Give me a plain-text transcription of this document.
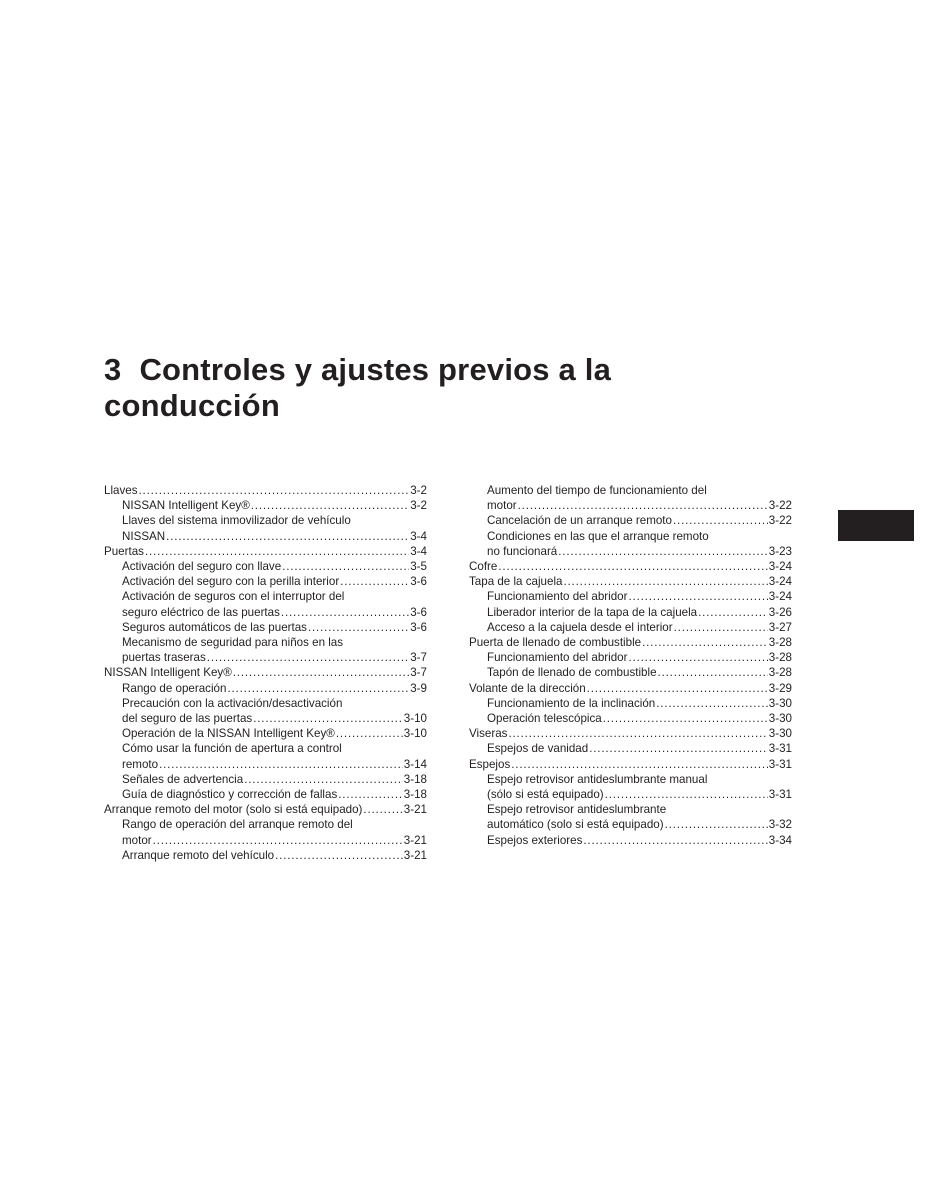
3 Controles y ajustes previos a la conducción
Llaves . . .	3-2
NISSAN Intelligent Key® . . .	3-2
Llaves del sistema inmovilizador de vehículo
NISSAN . . .	3-4
Puertas . . .	3-4
Activación del seguro con llave . . .	3-5
Activación del seguro con la perilla interior . . .	3-6
Activación de seguros con el interruptor del
seguro eléctrico de las puertas . . .	3-6
Seguros automáticos de las puertas . . .	3-6
Mecanismo de seguridad para niños en las
puertas traseras . . .	3-7
NISSAN Intelligent Key® . . .	3-7
Rango de operación . . .	3-9
Precaución con la activación/desactivación
del seguro de las puertas . . .	3-10
Operación de la NISSAN Intelligent Key® . . .	3-10
Cómo usar la función de apertura a control
remoto . . .	3-14
Señales de advertencia . . .	3-18
Guía de diagnóstico y corrección de fallas . . .	3-18
Arranque remoto del motor (solo si está equipado) . . .	3-21
Rango de operación del arranque remoto del
motor . . .	3-21
Arranque remoto del vehículo . . .	3-21
Aumento del tiempo de funcionamiento del
motor . . .	3-22
Cancelación de un arranque remoto . . .	3-22
Condiciones en las que el arranque remoto
no funcionará . . .	3-23
Cofre . . .	3-24
Tapa de la cajuela . . .	3-24
Funcionamiento del abridor . . .	3-24
Liberador interior de la tapa de la cajuela . . .	3-26
Acceso a la cajuela desde el interior . . .	3-27
Puerta de llenado de combustible . . .	3-28
Funcionamiento del abridor . . .	3-28
Tapón de llenado de combustible . . .	3-28
Volante de la dirección . . .	3-29
Funcionamiento de la inclinación . . .	3-30
Operación telescópica . . .	3-30
Viseras . . .	3-30
Espejos de vanidad . . .	3-31
Espejos . . .	3-31
Espejo retrovisor antideslumbrante manual
(sólo si está equipado) . . .	3-31
Espejo retrovisor antideslumbrante
automático (solo si está equipado) . . .	3-32
Espejos exteriores . . .	3-34
